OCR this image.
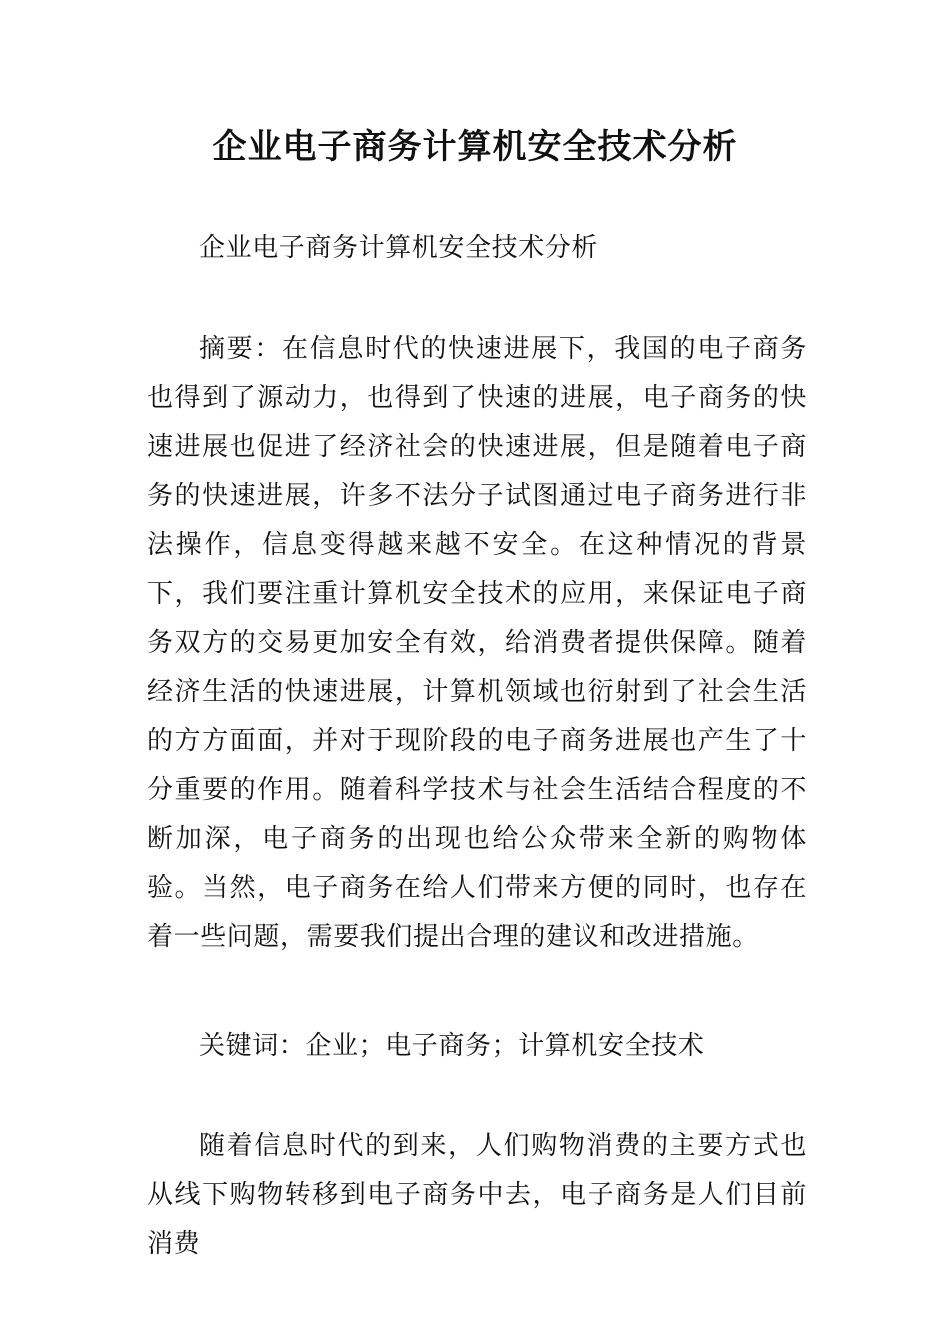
企业电子商务计算机安全技术分析

企业电子商务计算机安全技术分析

摘要：在信息时代的快速进展下，我国的电子商务也得到了源动力，也得到了快速的进展，电子商务的快速进展也促进了经济社会的快速进展，但是随着电子商务的快速进展，许多不法分子试图通过电子商务进行非法操作，信息变得越来越不安全。在这种情况的背景下，我们要注重计算机安全技术的应用，来保证电子商务双方的交易更加安全有效，给消费者提供保障。随着经济生活的快速进展，计算机领域也衍射到了社会生活的方方面面，并对于现阶段的电子商务进展也产生了十分重要的作用。随着科学技术与社会生活结合程度的不断加深，电子商务的出现也给公众带来全新的购物体验。当然，电子商务在给人们带来方便的同时，也存在着一些问题，需要我们提出合理的建议和改进措施。

关键词：企业；电子商务；计算机安全技术

随着信息时代的到来，人们购物消费的主要方式也从线下购物转移到电子商务中去，电子商务是人们目前消费
